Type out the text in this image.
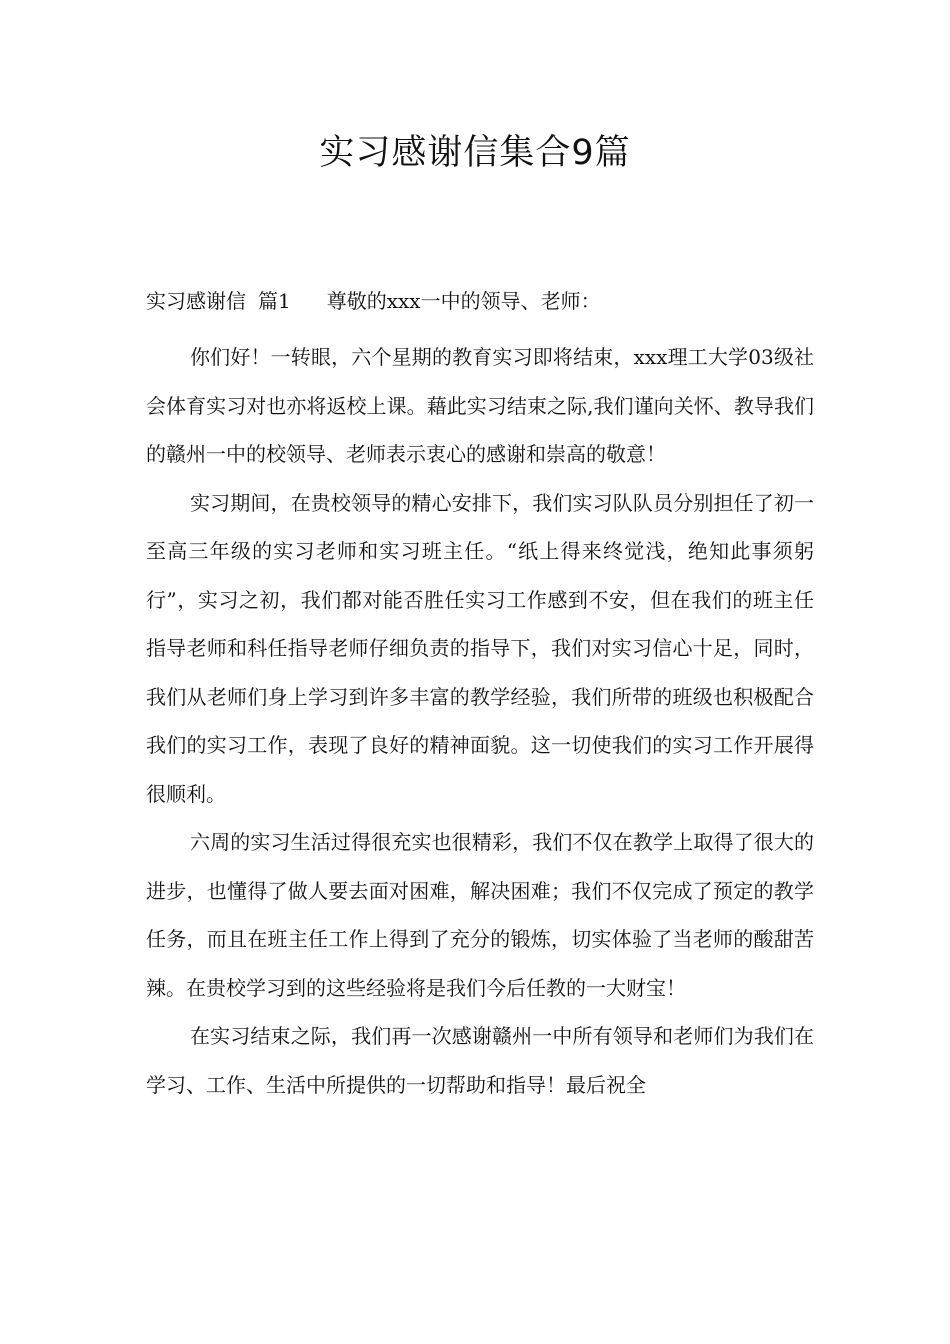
实习感谢信集合9篇
实习感谢信 篇1 尊敬的xxx一中的领导、老师：

你们好！一转眼，六个星期的教育实习即将结束，xxx理工大学03级社会体育实习对也亦将返校上课。藉此实习结束之际,我们谨向关怀、教导我们的赣州一中的校领导、老师表示衷心的感谢和崇高的敬意！

实习期间，在贵校领导的精心安排下，我们实习队队员分别担任了初一至高三年级的实习老师和实习班主任。“纸上得来终觉浅，绝知此事须躬行”，实习之初，我们都对能否胜任实习工作感到不安，但在我们的班主任指导老师和科任指导老师仔细负责的指导下，我们对实习信心十足，同时，我们从老师们身上学习到许多丰富的教学经验，我们所带的班级也积极配合我们的实习工作，表现了良好的精神面貌。这一切使我们的实习工作开展得很顺利。

六周的实习生活过得很充实也很精彩，我们不仅在教学上取得了很大的进步，也懂得了做人要去面对困难，解决困难；我们不仅完成了预定的教学任务，而且在班主任工作上得到了充分的锻炼，切实体验了当老师的酸甜苦辣。在贵校学习到的这些经验将是我们今后任教的一大财宝！

在实习结束之际，我们再一次感谢赣州一中所有领导和老师们为我们在学习、工作、生活中所提供的一切帮助和指导！最后祝全
